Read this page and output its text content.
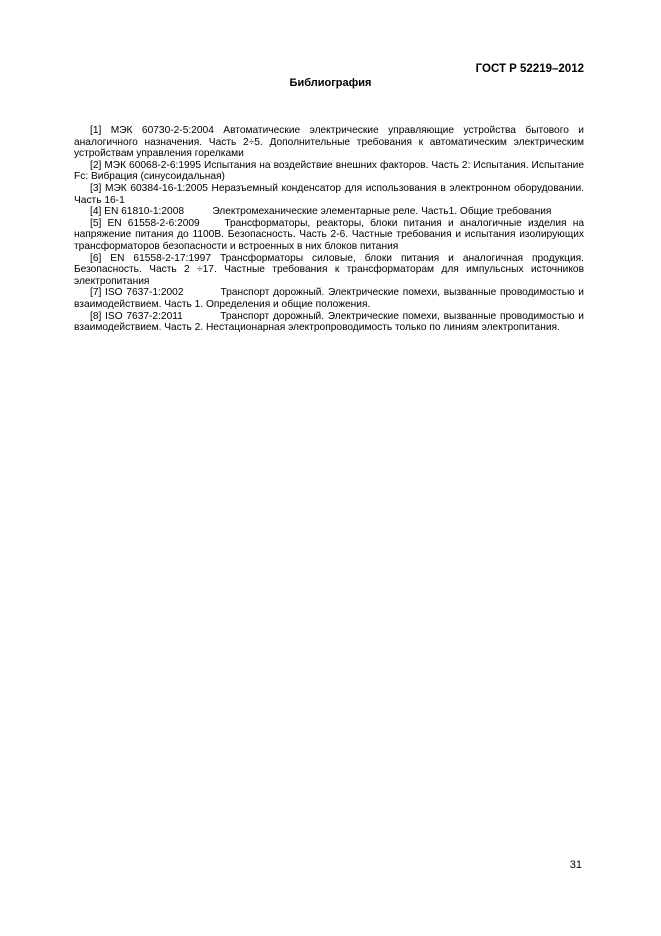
ГОСТ Р 52219–2012
Библиография

[1] МЭК 60730-2-5:2004 Автоматические электрические управляющие устройства бытового и аналогичного назначения. Часть 2÷5. Дополнительные требования к автоматическим электрическим устройствам управления горелками

[2] МЭК 60068-2-6:1995 Испытания на воздействие внешних факторов. Часть 2: Испытания. Испытание Fc: Вибрация (синусоидальная)

[3] МЭК 60384-16-1:2005 Неразъемный конденсатор для использования в электронном оборудовании. Часть 16-1

[4] EN 61810-1:2008          Электромеханические элементарные реле. Часть1. Общие требования

[5] EN 61558-2-6:2009    Трансформаторы, реакторы, блоки питания и аналогичные изделия на напряжение питания до 1100В. Безопасность. Часть 2-6. Частные требования и испытания изолирующих трансформаторов безопасности и встроенных в них блоков питания

[6] EN 61558-2-17:1997 Трансформаторы силовые, блоки питания и аналогичная продукция. Безопасность. Часть 2 ÷17. Частные требования к трансформаторам для импульсных источников электропитания

[7] ISO 7637-1:2002          Транспорт дорожный. Электрические помехи, вызванные проводимостью и взаимодействием. Часть 1. Определения и общие положения.

[8] ISO 7637-2:2011          Транспорт дорожный. Электрические помехи, вызванные проводимостью и взаимодействием. Часть 2. Нестационарная электропроводимость только по линиям электропитания.

31
